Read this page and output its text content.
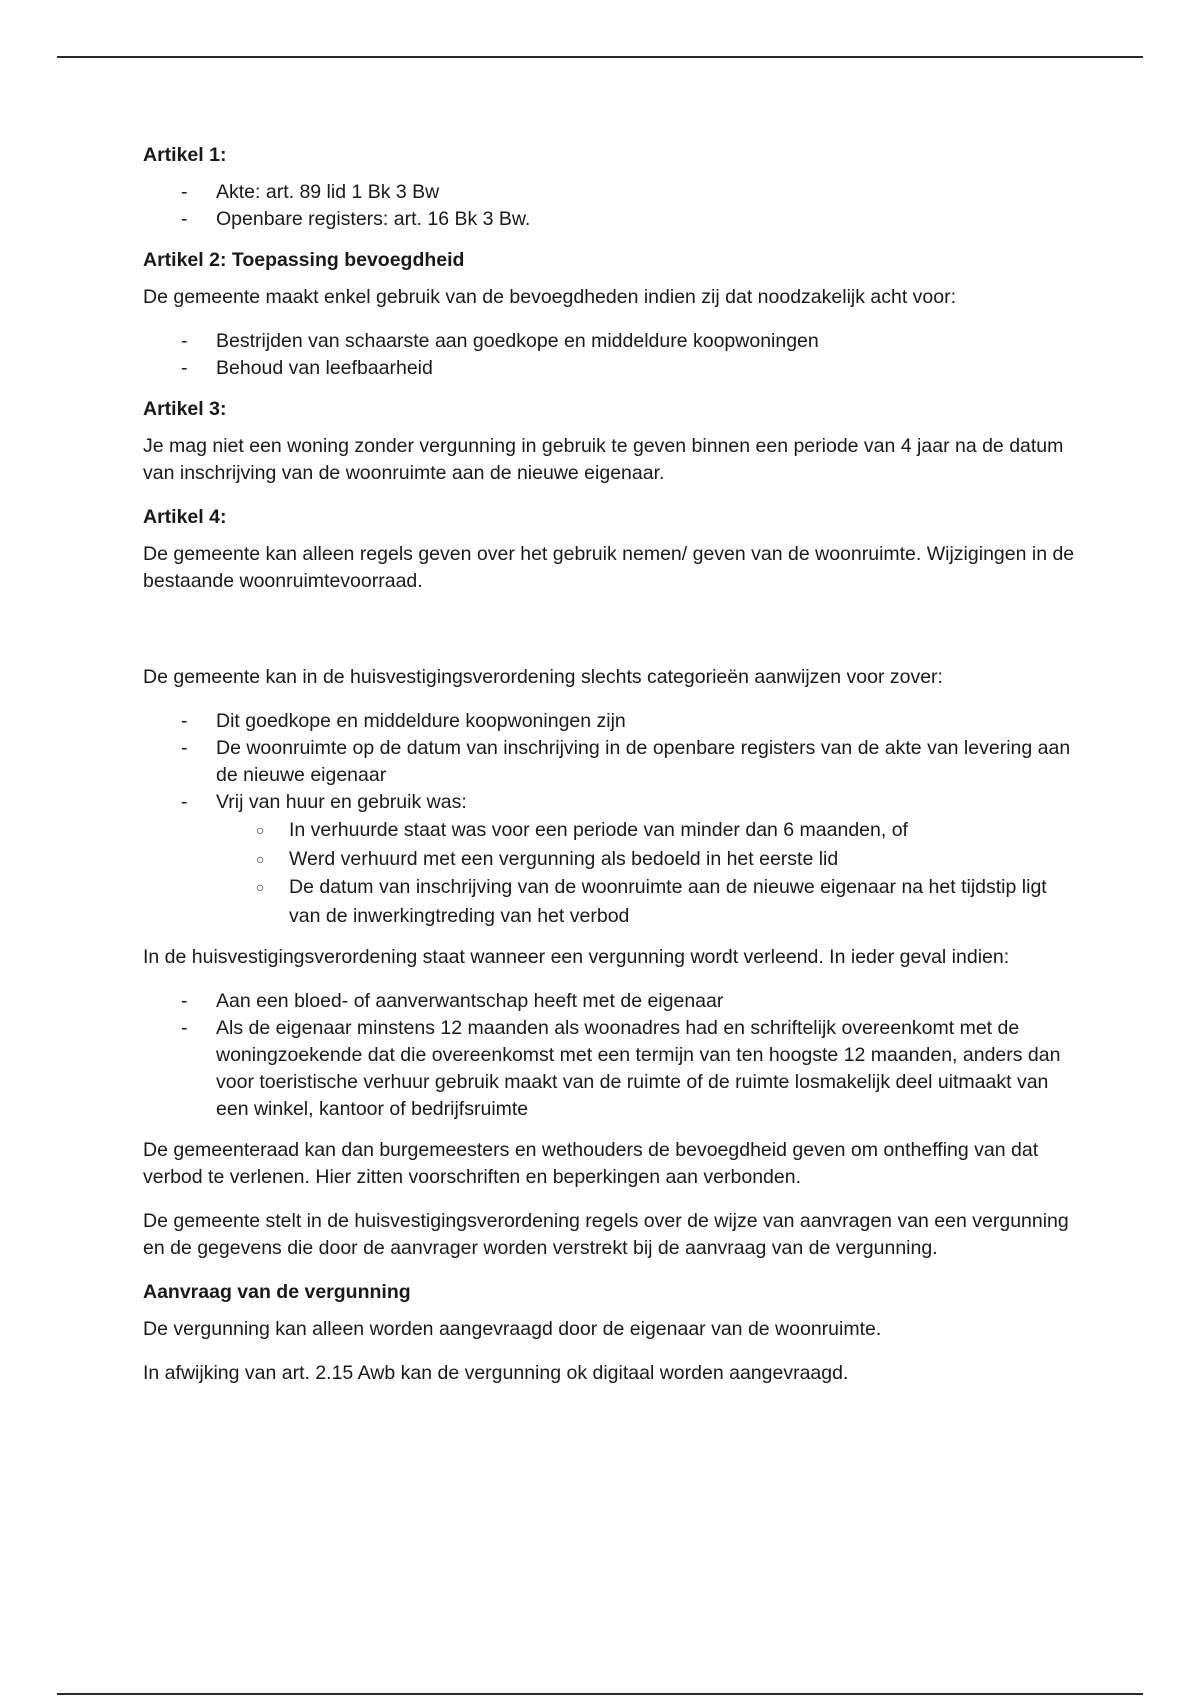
Artikel 1:
- Akte: art. 89 lid 1 Bk 3 Bw
- Openbare registers: art. 16 Bk 3 Bw.
Artikel 2: Toepassing bevoegdheid
De gemeente maakt enkel gebruik van de bevoegdheden indien zij dat noodzakelijk acht voor:
- Bestrijden van schaarste aan goedkope en middeldure koopwoningen
- Behoud van leefbaarheid
Artikel 3:
Je mag niet een woning zonder vergunning in gebruik te geven binnen een periode van 4 jaar na de datum van inschrijving van de woonruimte aan de nieuwe eigenaar.
Artikel 4:
De gemeente kan alleen regels geven over het gebruik nemen/ geven van de woonruimte. Wijzigingen in de bestaande woonruimtevoorraad.
De gemeente kan in de huisvestigingsverordening slechts categorieën aanwijzen voor zover:
- Dit goedkope en middeldure koopwoningen zijn
- De woonruimte op de datum van inschrijving in de openbare registers van de akte van levering aan de nieuwe eigenaar
- Vrij van huur en gebruik was:
○ In verhuurde staat was voor een periode van minder dan 6 maanden, of
○ Werd verhuurd met een vergunning als bedoeld in het eerste lid
○ De datum van inschrijving van de woonruimte aan de nieuwe eigenaar na het tijdstip ligt van de inwerkingtreding van het verbod
In de huisvestigingsverordening staat wanneer een vergunning wordt verleend. In ieder geval indien:
- Aan een bloed- of aanverwantschap heeft met de eigenaar
- Als de eigenaar minstens 12 maanden als woonadres had en schriftelijk overeenkomt met de woningzoekende dat die overeenkomst met een termijn van ten hoogste 12 maanden, anders dan voor toeristische verhuur gebruik maakt van de ruimte of de ruimte losmakelijk deel uitmaakt van een winkel, kantoor of bedrijfsruimte
De gemeenteraad kan dan burgemeesters en wethouders de bevoegdheid geven om ontheffing van dat verbod te verlenen. Hier zitten voorschriften en beperkingen aan verbonden.
De gemeente stelt in de huisvestigingsverordening regels over de wijze van aanvragen van een vergunning en de gegevens die door de aanvrager worden verstrekt bij de aanvraag van de vergunning.
Aanvraag van de vergunning
De vergunning kan alleen worden aangevraagd door de eigenaar van de woonruimte.
In afwijking van art. 2.15 Awb kan de vergunning ok digitaal worden aangevraagd.
